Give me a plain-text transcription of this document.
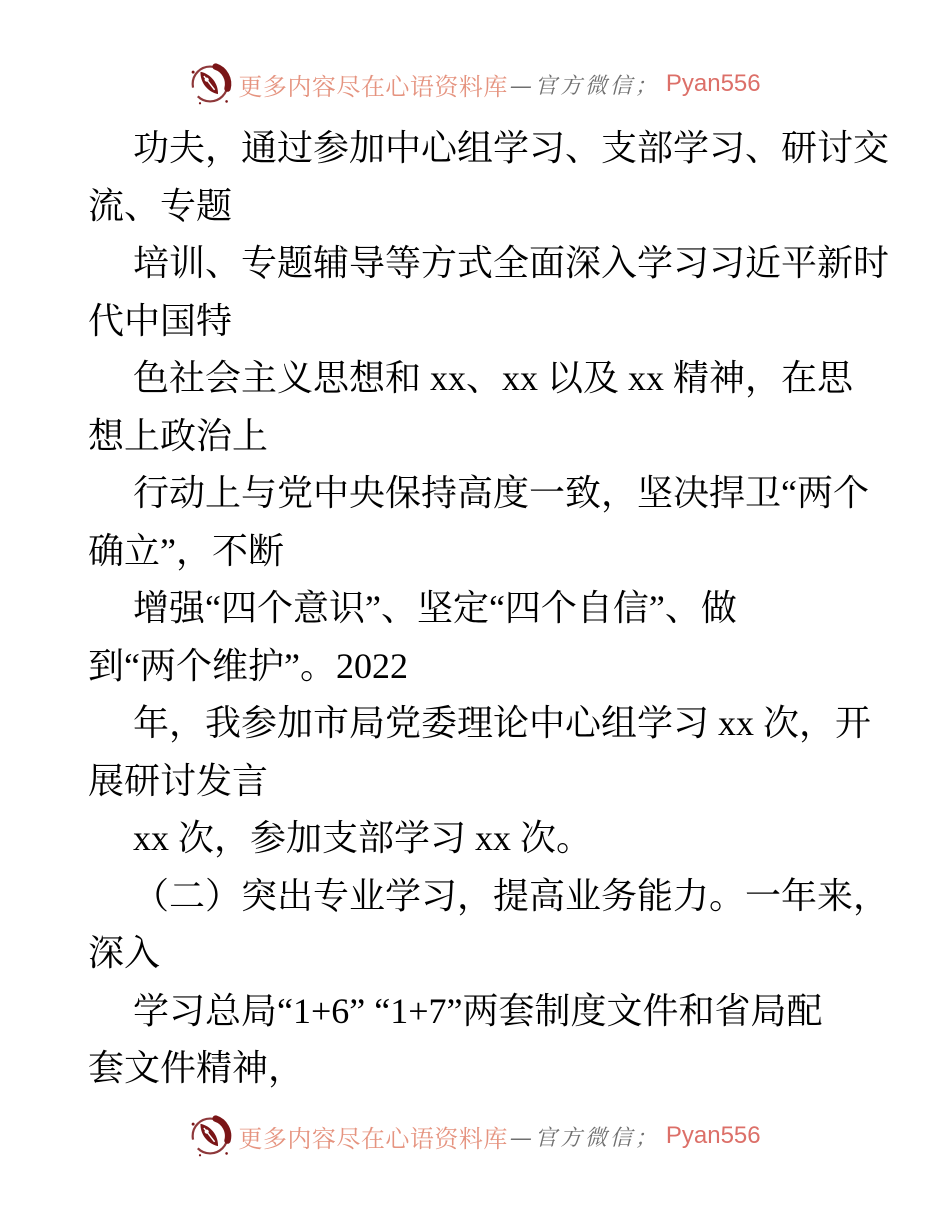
更多内容尽在心语资料库 —官方微信； Pyan556
功夫，通过参加中心组学习、支部学习、研讨交
流、专题
培训、专题辅导等方式全面深入学习习近平新时
代中国特
色社会主义思想和 xx、xx 以及 xx 精神，在思
想上政治上
行动上与党中央保持高度一致，坚决捍卫“两个
确立”，不断
增强“四个意识”、坚定“四个自信”、做
到“两个维护”。2022
年，我参加市局党委理论中心组学习 xx 次，开
展研讨发言
xx 次，参加支部学习 xx 次。
（二）突出专业学习，提高业务能力。一年来，
深入
学习总局“1+6” “1+7”两套制度文件和省局配
套文件精神，
更多内容尽在心语资料库 —官方微信； Pyan556
